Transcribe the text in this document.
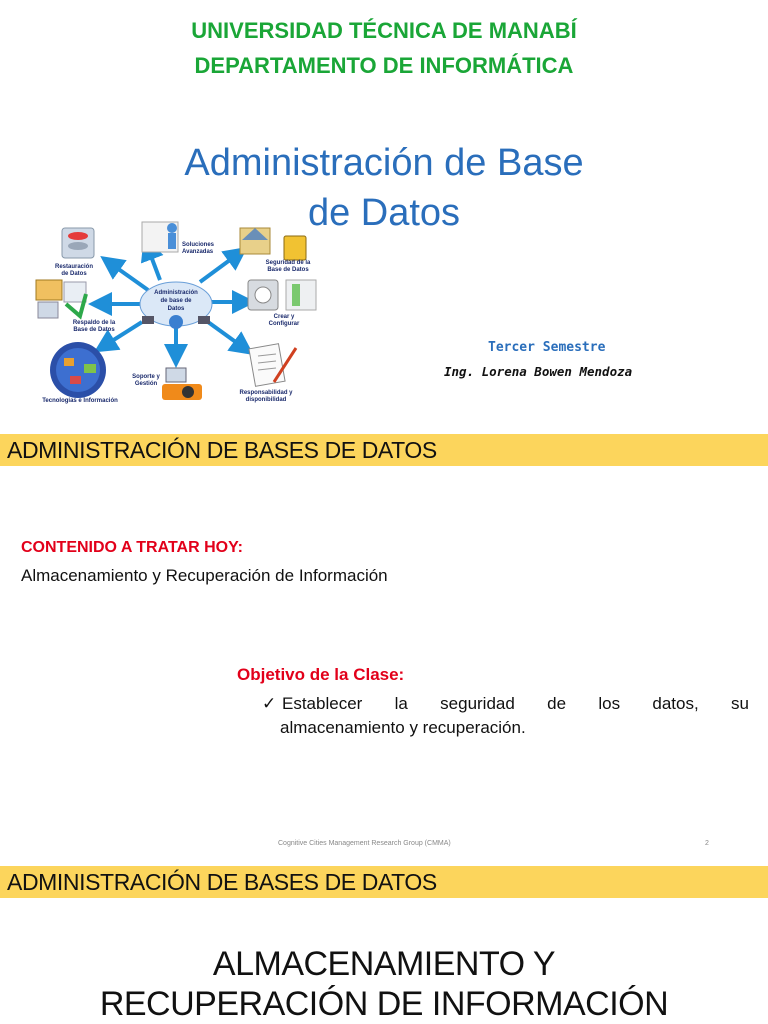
UNIVERSIDAD TÉCNICA DE MANABÍ
DEPARTAMENTO DE INFORMÁTICA
Administración de Base
de Datos
Administración
de base de
Datos
Restauración
de Datos
Soluciones
Avanzadas
Seguridad de la
Base de Datos
Crear y
Configurar
Respaldo de la
Base de Datos
Tecnologías e Información
Soporte y
Gestión
Responsabilidad y
disponibilidad
Tercer Semestre
Ing. Lorena Bowen Mendoza
ADMINISTRACIÓN DE BASES DE DATOS
CONTENIDO A TRATAR HOY:
Almacenamiento y Recuperación de Información
Objetivo de la Clase:
✓ Establecer la seguridad de los datos, su
almacenamiento y recuperación.
Cognitive Cities Management Research Group (CMMA)	2
ADMINISTRACIÓN DE BASES DE DATOS
ALMACENAMIENTO Y
RECUPERACIÓN DE INFORMACIÓN
